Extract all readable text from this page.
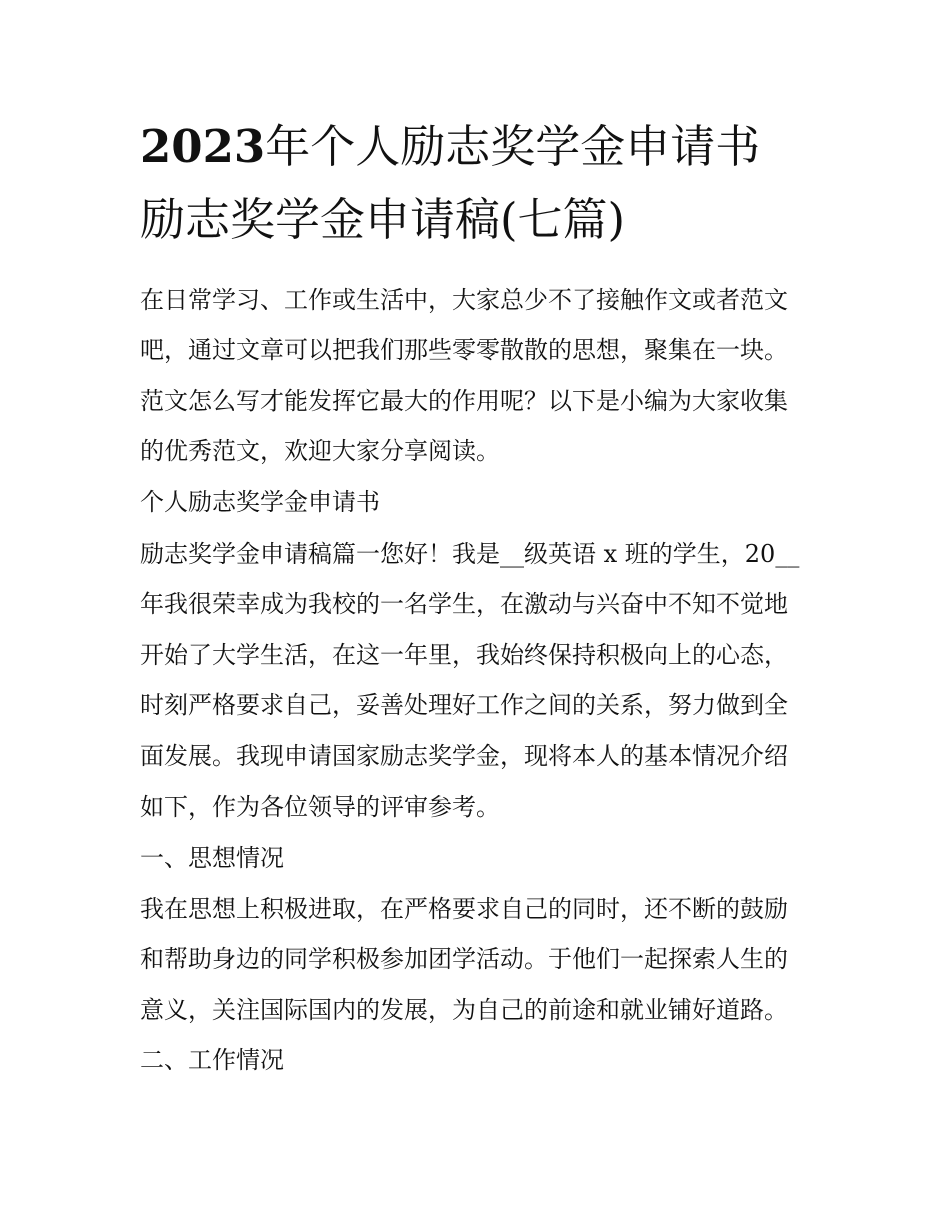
2023年个人励志奖学金申请书
励志奖学金申请稿(七篇)
在日常学习、工作或生活中，大家总少不了接触作文或者范文
吧，通过文章可以把我们那些零零散散的思想，聚集在一块。
范文怎么写才能发挥它最大的作用呢？以下是小编为大家收集
的优秀范文，欢迎大家分享阅读。
个人励志奖学金申请书
励志奖学金申请稿篇一您好！我是__级英语 x 班的学生，20__
年我很荣幸成为我校的一名学生，在激动与兴奋中不知不觉地
开始了大学生活，在这一年里，我始终保持积极向上的心态，
时刻严格要求自己，妥善处理好工作之间的关系，努力做到全
面发展。我现申请国家励志奖学金，现将本人的基本情况介绍
如下，作为各位领导的评审参考。
一、思想情况
我在思想上积极进取，在严格要求自己的同时，还不断的鼓励
和帮助身边的同学积极参加团学活动。于他们一起探索人生的
意义，关注国际国内的发展，为自己的前途和就业铺好道路。
二、工作情况
